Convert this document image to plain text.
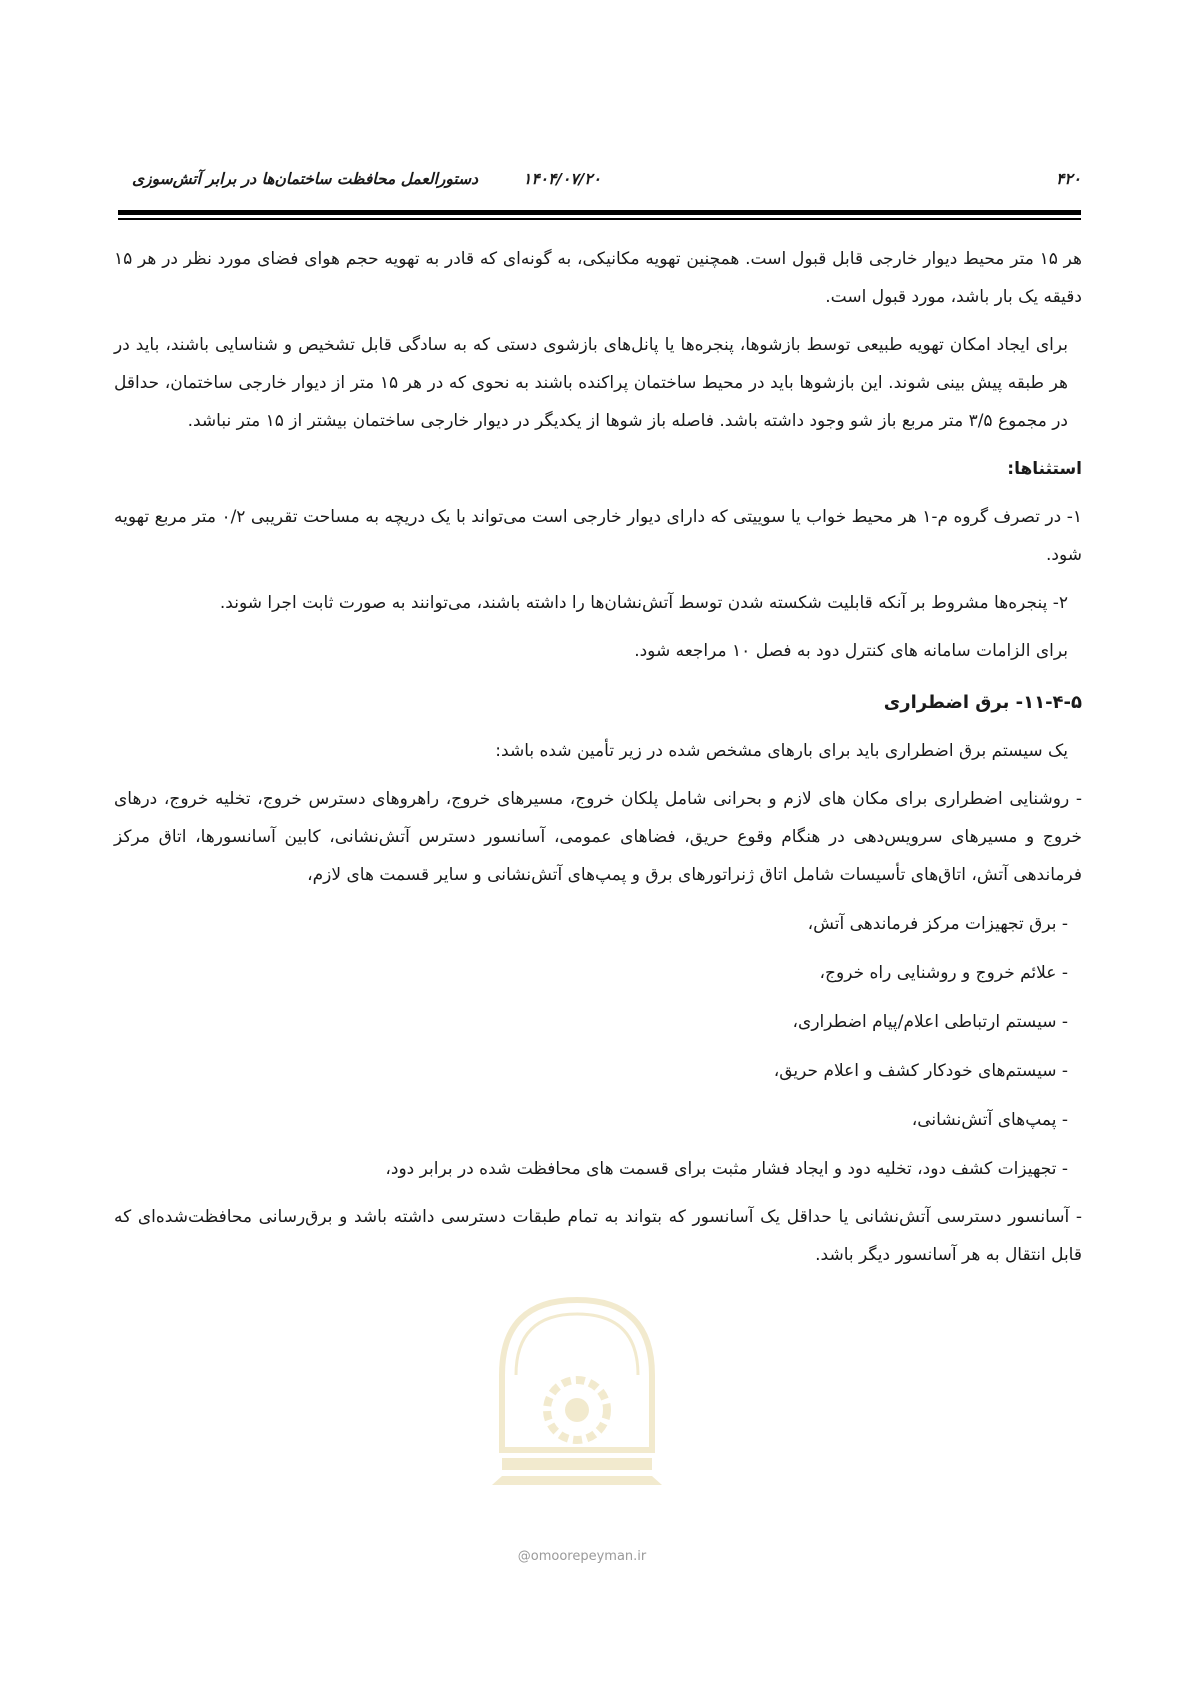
۴۲۰
۱۴۰۴/۰۷/۲۰
دستورالعمل محافظت ساختمان‌ها در برابر آتش‌سوزی

هر ۱۵ متر محیط دیوار خارجی قابل قبول است. همچنین تهویه مکانیکی، به گونه‌ای که قادر به تهویه حجم هوای فضای مورد نظر در هر ۱۵ دقیقه یک بار باشد، مورد قبول است.

برای ایجاد امکان تهویه طبیعی توسط بازشوها، پنجره‌ها یا پانل‌های بازشوی دستی که به سادگی قابل تشخیص و شناسایی باشند، باید در هر طبقه پیش بینی شوند. این بازشوها باید در محیط ساختمان پراکنده باشند به نحوی که در هر ۱۵ متر از دیوار خارجی ساختمان، حداقل در مجموع ۳/۵ متر مربع باز شو وجود داشته باشد. فاصله باز شوها از یکدیگر در دیوار خارجی ساختمان بیشتر از ۱۵ متر نباشد.

استثناها:

۱- در تصرف گروه م-۱ هر محیط خواب یا سوییتی که دارای دیوار خارجی است می‌تواند با یک دریچه به مساحت تقریبی ۰/۲ متر مربع تهویه شود.

۲- پنجره‌ها مشروط بر آنکه قابلیت شکسته شدن توسط آتش‌نشان‌ها را داشته باشند، می‌توانند به صورت ثابت اجرا شوند.

برای الزامات سامانه های کنترل دود به فصل ۱۰ مراجعه شود.

۱۱-۴-۵- برق اضطراری

یک سیستم برق اضطراری باید برای بارهای مشخص شده در زیر تأمین شده باشد:

- روشنایی اضطراری برای مکان های لازم و بحرانی شامل پلکان خروج، مسیرهای خروج، راهروهای دسترس خروج، تخلیه خروج، درهای خروج و مسیرهای سرویس‌دهی در هنگام وقوع حریق، فضاهای عمومی، آسانسور دسترس آتش‌نشانی، کابین آسانسورها، اتاق مرکز فرماندهی آتش، اتاق‌های تأسیسات شامل اتاق ژنراتورهای برق و پمپ‌های آتش‌نشانی و سایر قسمت های لازم،

- برق تجهیزات مرکز فرماندهی آتش،

- علائم خروج و روشنایی راه خروج،

- سیستم ارتباطی اعلام/پیام اضطراری،

- سیستم‌های خودکار کشف و اعلام حریق،

- پمپ‌های آتش‌نشانی،

- تجهیزات کشف دود، تخلیه دود و ایجاد فشار مثبت برای قسمت های محافظت شده در برابر دود،

- آسانسور دسترسی آتش‌نشانی یا حداقل یک آسانسور که بتواند به تمام طبقات دسترسی داشته باشد و برق‌رسانی محافظت‌شده‌ای که قابل انتقال به هر آسانسور دیگر باشد.

@omoorepeyman.ir
